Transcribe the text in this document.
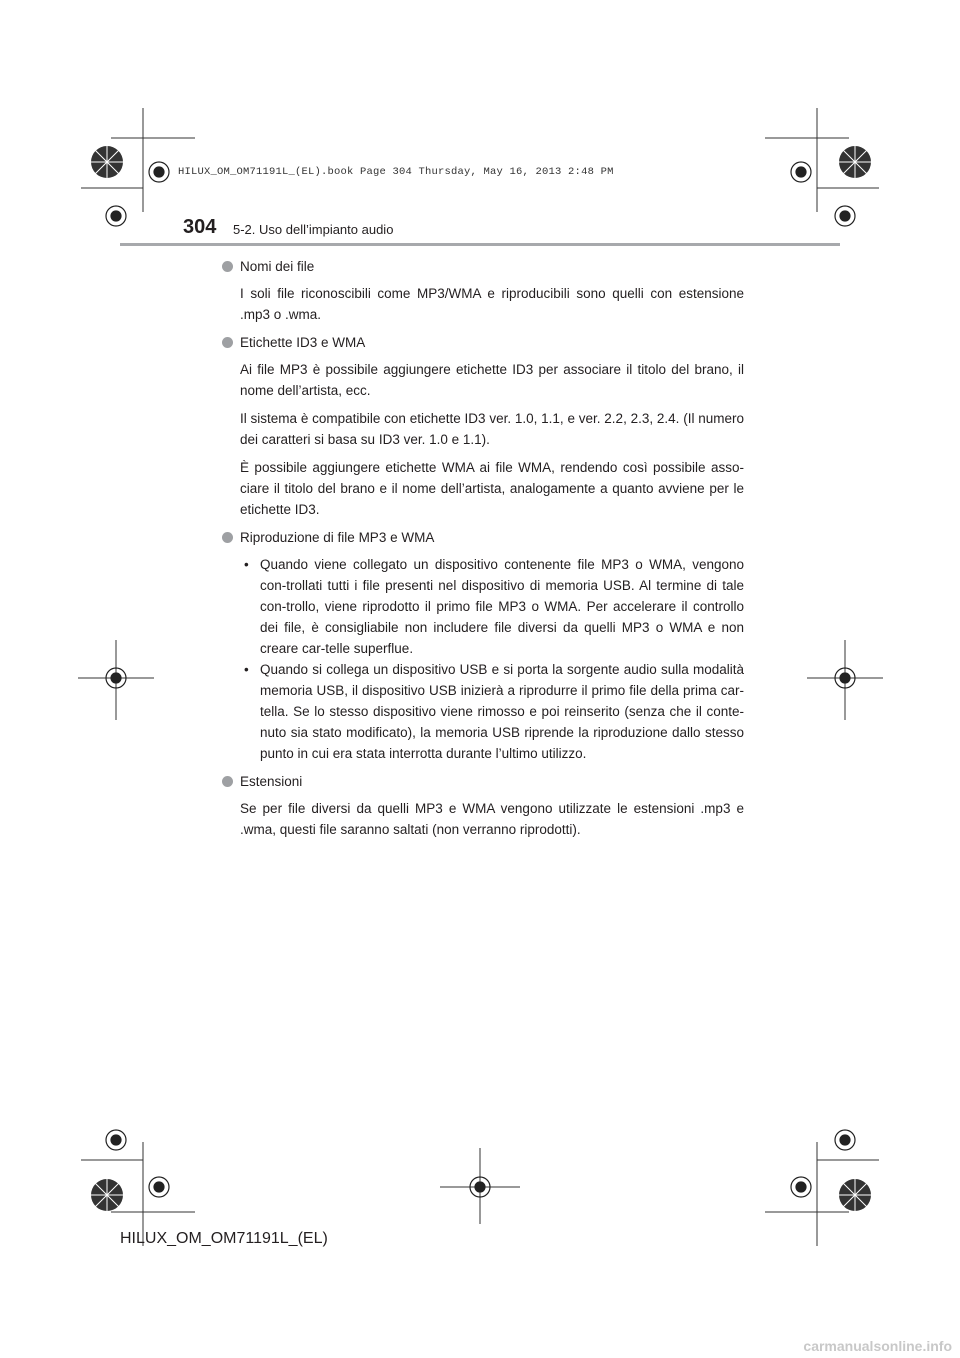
HILUX_OM_OM71191L_(EL).book Page 304 Thursday, May 16, 2013 2:48 PM
304 5-2. Uso dell’impianto audio

Nomi dei file

I soli file riconoscibili come MP3/WMA e riproducibili sono quelli con estensione .mp3 o .wma.

Etichette ID3 e WMA

Ai file MP3 è possibile aggiungere etichette ID3 per associare il titolo del brano, il nome dell’artista, ecc.

Il sistema è compatibile con etichette ID3 ver. 1.0, 1.1, e ver. 2.2, 2.3, 2.4. (Il numero dei caratteri si basa su ID3 ver. 1.0 e 1.1).

È possibile aggiungere etichette WMA ai file WMA, rendendo così possibile asso-ciare il titolo del brano e il nome dell’artista, analogamente a quanto avviene per le etichette ID3.

Riproduzione di file MP3 e WMA

• Quando viene collegato un dispositivo contenente file MP3 o WMA, vengono con-trollati tutti i file presenti nel dispositivo di memoria USB. Al termine di tale con-trollo, viene riprodotto il primo file MP3 o WMA. Per accelerare il controllo dei file, è consigliabile non includere file diversi da quelli MP3 o WMA e non creare car-telle superflue.
• Quando si collega un dispositivo USB e si porta la sorgente audio sulla modalità memoria USB, il dispositivo USB inizierà a riprodurre il primo file della prima car-tella. Se lo stesso dispositivo viene rimosso e poi reinserito (senza che il conte-nuto sia stato modificato), la memoria USB riprende la riproduzione dallo stesso punto in cui era stata interrotta durante l’ultimo utilizzo.

Estensioni

Se per file diversi da quelli MP3 e WMA vengono utilizzate le estensioni .mp3 e .wma, questi file saranno saltati (non verranno riprodotti).

HILUX_OM_OM71191L_(EL)
carmanualsonline.info
